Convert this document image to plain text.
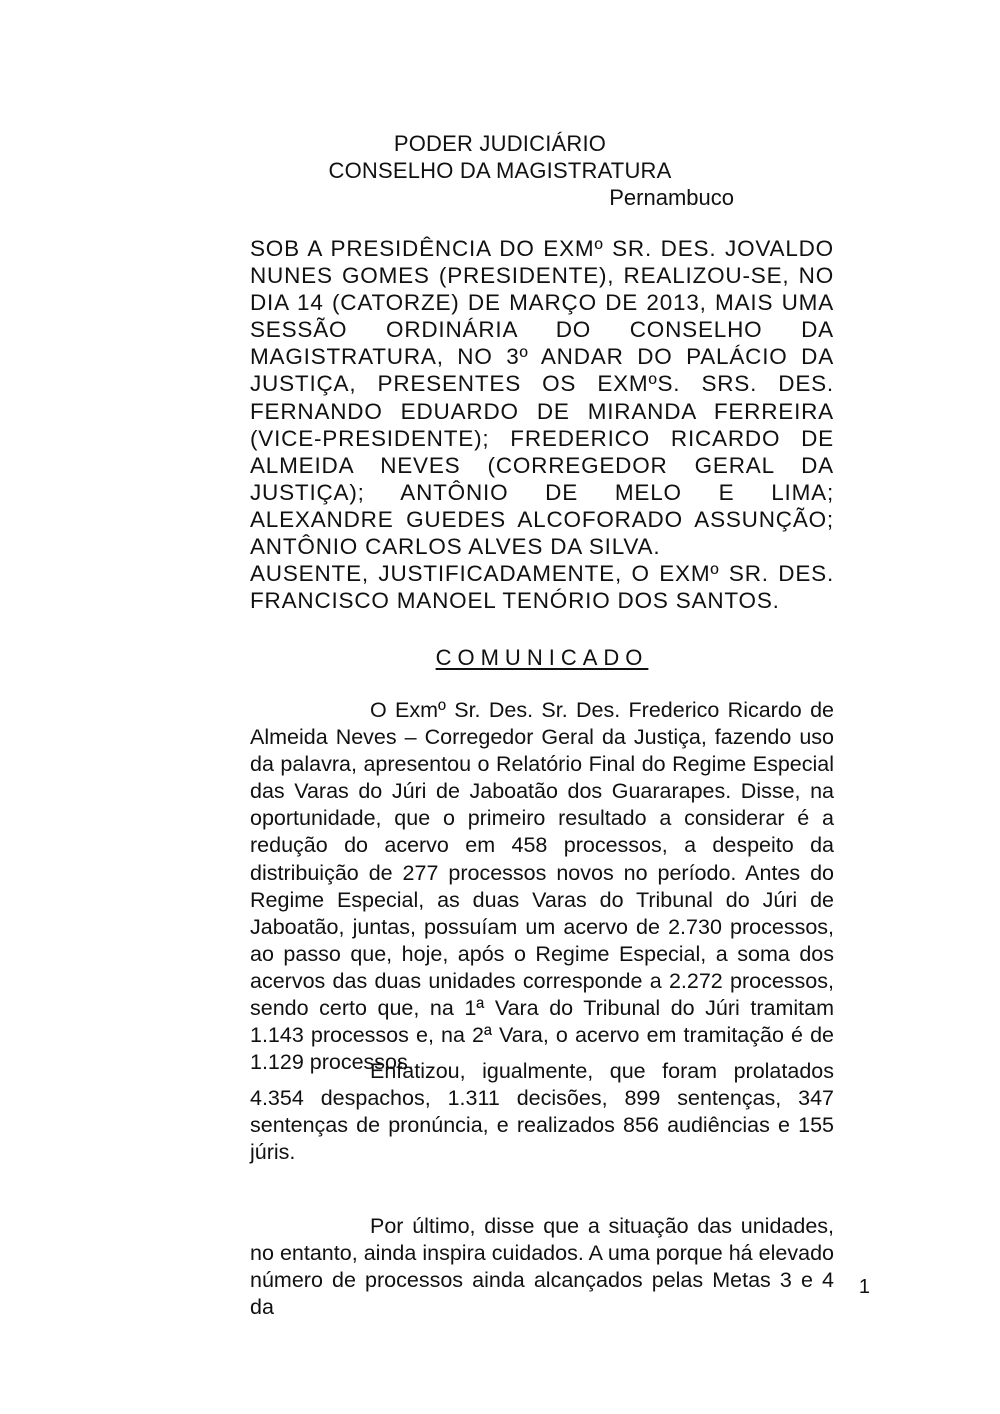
PODER JUDICIÁRIO
CONSELHO DA MAGISTRATURA
Pernambuco
SOB A PRESIDÊNCIA DO EXMº SR. DES. JOVALDO NUNES GOMES (PRESIDENTE), REALIZOU-SE, NO DIA 14 (CATORZE) DE MARÇO DE 2013, MAIS UMA SESSÃO ORDINÁRIA DO CONSELHO DA MAGISTRATURA, NO 3º ANDAR DO PALÁCIO DA JUSTIÇA, PRESENTES OS EXMºS. SRS. DES. FERNANDO EDUARDO DE MIRANDA FERREIRA (VICE-PRESIDENTE); FREDERICO RICARDO DE ALMEIDA NEVES (CORREGEDOR GERAL DA JUSTIÇA); ANTÔNIO DE MELO E LIMA; ALEXANDRE GUEDES ALCOFORADO ASSUNÇÃO; ANTÔNIO CARLOS ALVES DA SILVA.
AUSENTE, JUSTIFICADAMENTE, O EXMº SR. DES. FRANCISCO MANOEL TENÓRIO DOS SANTOS.
COMUNICADO

O Exmº Sr. Des. Sr. Des. Frederico Ricardo de Almeida Neves – Corregedor Geral da Justiça, fazendo uso da palavra, apresentou o Relatório Final do Regime Especial das Varas do Júri de Jaboatão dos Guararapes. Disse, na oportunidade, que o primeiro resultado a considerar é a redução do acervo em 458 processos, a despeito da distribuição de 277 processos novos no período. Antes do Regime Especial, as duas Varas do Tribunal do Júri de Jaboatão, juntas, possuíam um acervo de 2.730 processos, ao passo que, hoje, após o Regime Especial, a soma dos acervos das duas unidades corresponde a 2.272 processos, sendo certo que, na 1ª Vara do Tribunal do Júri tramitam 1.143 processos e, na 2ª Vara, o acervo em tramitação é de 1.129 processos.

Enfatizou, igualmente, que foram prolatados 4.354 despachos, 1.311 decisões, 899 sentenças, 347 sentenças de pronúncia, e realizados 856 audiências e 155 júris.

Por último, disse que a situação das unidades, no entanto, ainda inspira cuidados. A uma porque há elevado número de processos ainda alcançados pelas Metas 3 e 4 da

1
